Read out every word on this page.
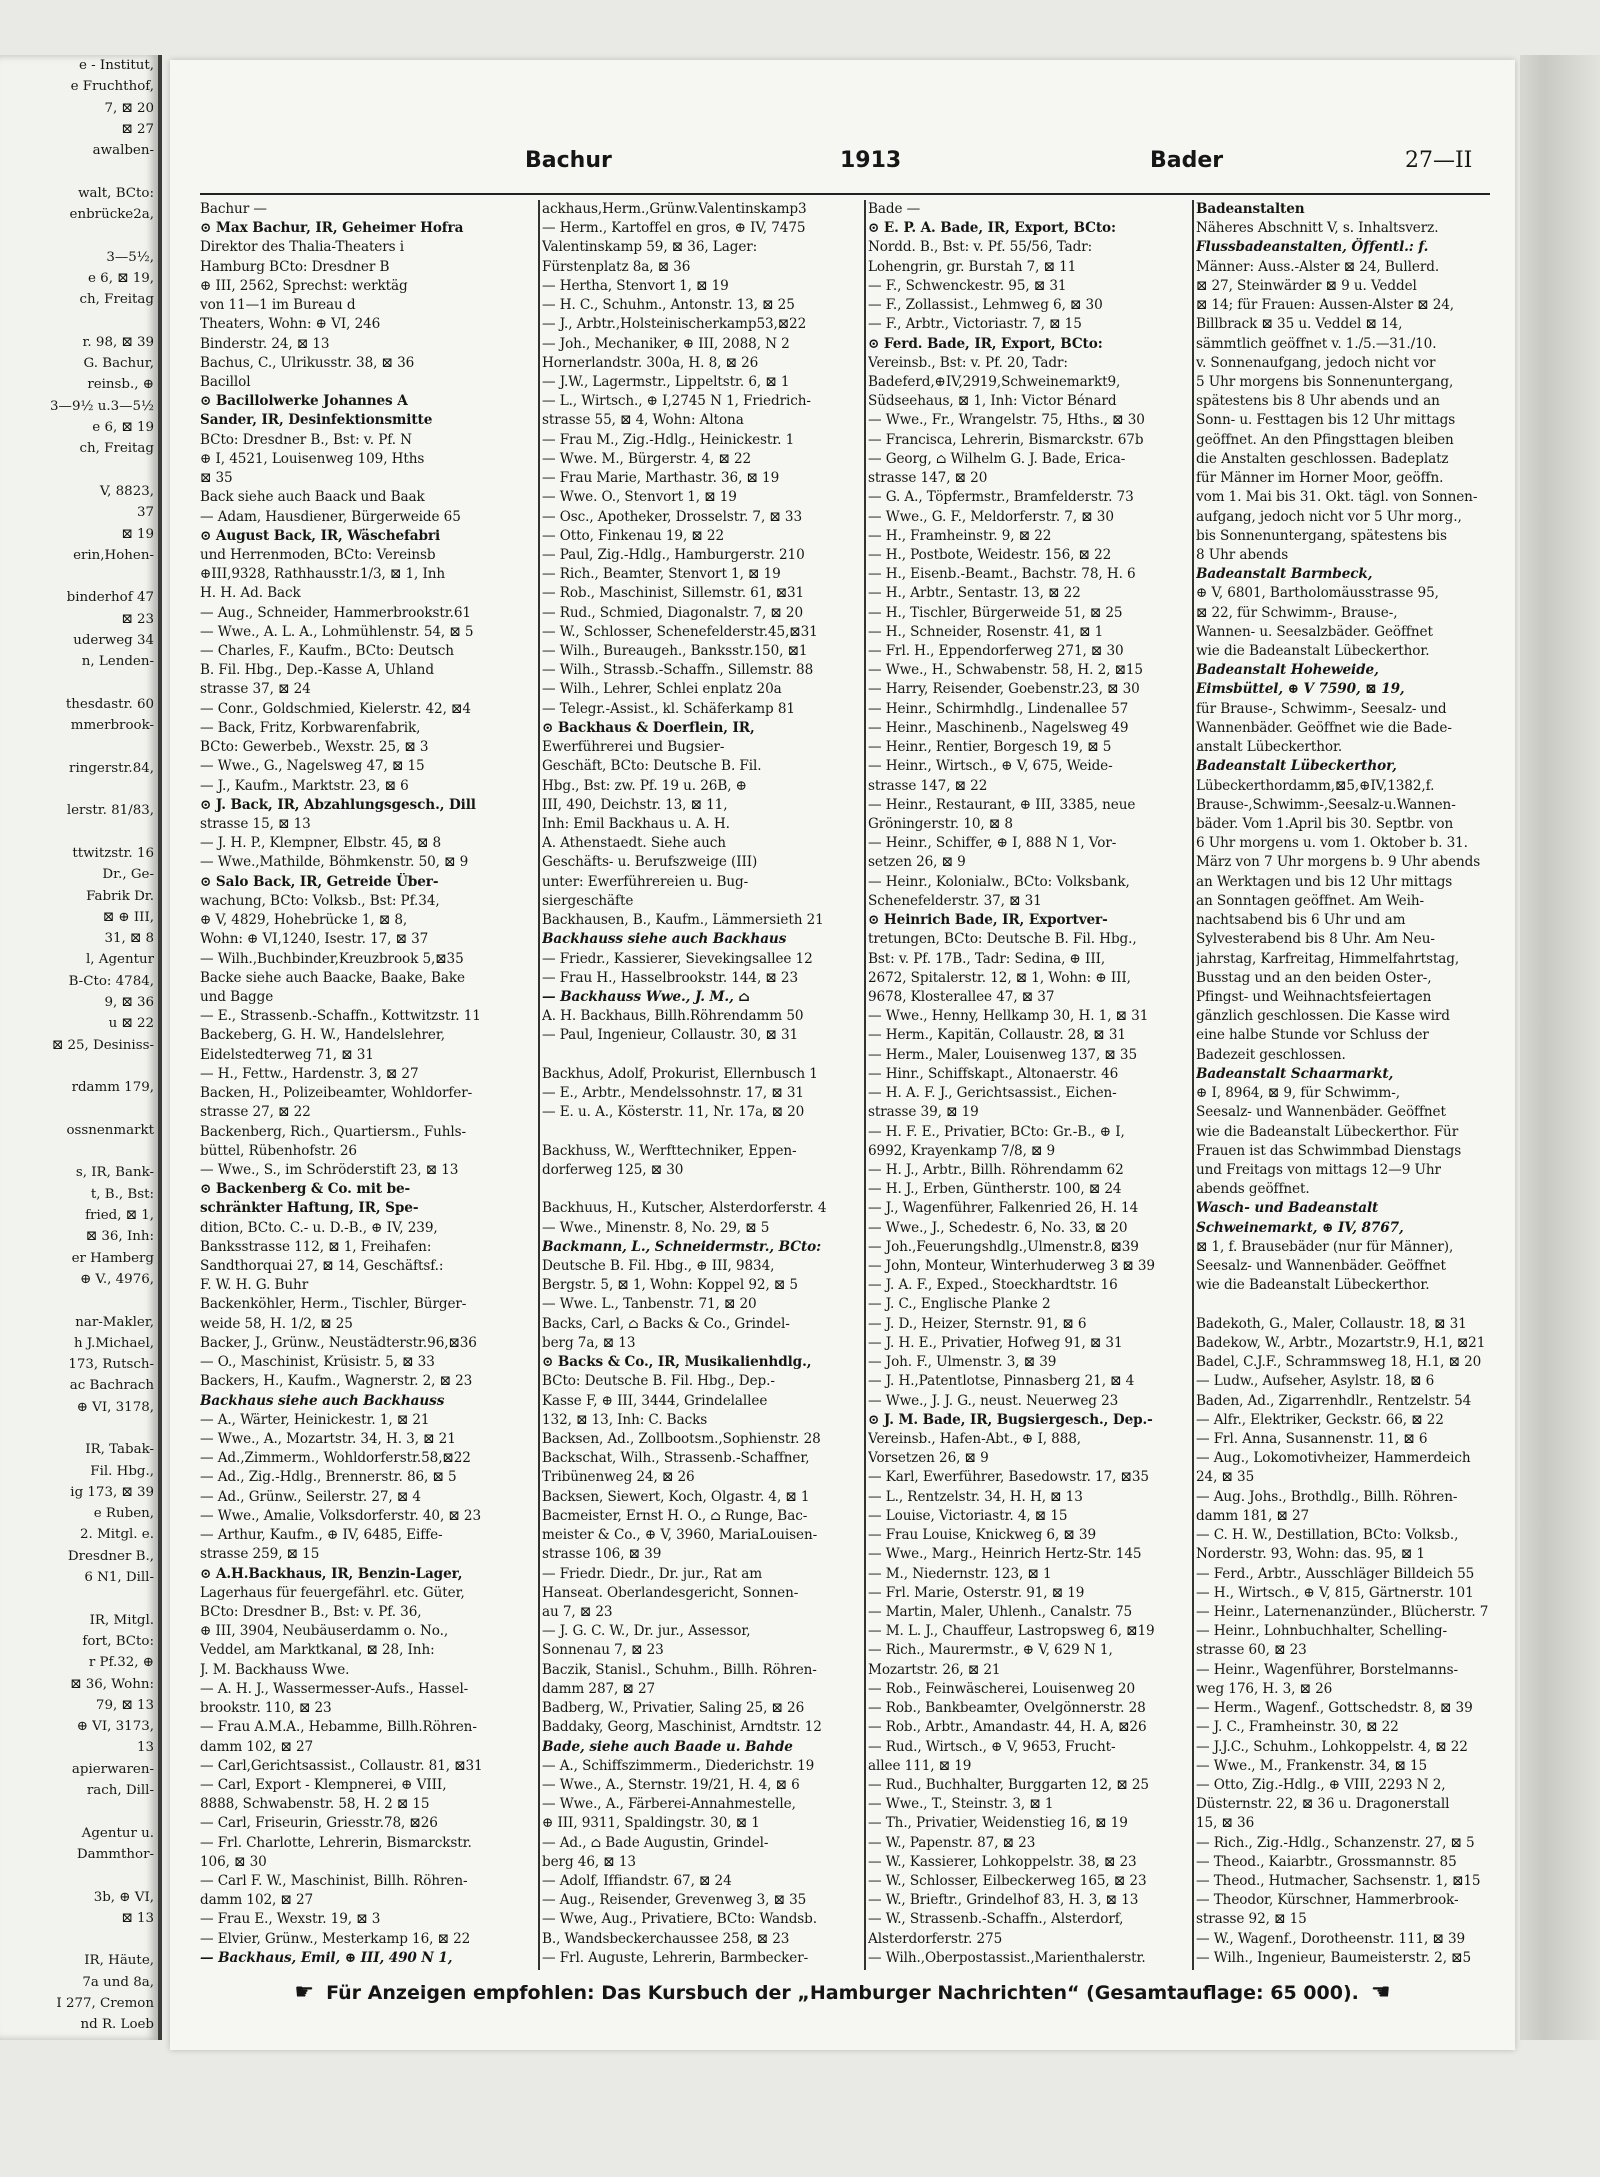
e - Institut,
e Fruchthof,
7, ⊠ 20
⊠ 27
awalben-

walt, BCto:
enbrücke2a,

3—5½,
e 6, ⊠ 19,
ch, Freitag

r. 98, ⊠ 39
G. Bachur,
reinsb., ⊕
3—9½ u.3—5½
e 6, ⊠ 19
ch, Freitag

V, 8823,
37
⊠ 19
erin,Hohen-

binderhof 47
⊠ 23
uderweg 34
n, Lenden-

thesdastr. 60
mmerbrook-

ringerstr.84,

lerstr. 81/83,

ttwitzstr. 16
Dr., Ge-
Fabrik Dr.
⊠ ⊕ III,
31, ⊠ 8
l, Agentur
B-Cto: 4784,
9, ⊠ 36
u ⊠ 22
⊠ 25, Desiniss-

rdamm 179,

ossnenmarkt

s, IR, Bank-
t, B., Bst:
fried, ⊠ 1,
⊠ 36, Inh:
er Hamberg
⊕ V., 4976,

nar-Makler,
h J.Michael,
173, Rutsch-
ac Bachrach
⊕ VI, 3178,

IR, Tabak-
Fil. Hbg.,
ig 173, ⊠ 39
e Ruben,
2. Mitgl. e.
Dresdner B.,
6 N1, Dill-

IR, Mitgl.
fort, BCto:
r Pf.32, ⊕
⊠ 36, Wohn:
79, ⊠ 13
⊕ VI, 3173,
13
apierwaren-
rach, Dill-

Agentur u.
Dammthor-

3b, ⊕ VI,
⊠ 13

IR, Häute,
7a und 8a,
I 277, Cremon
nd R. Loeb

Bachur	1913	Bader	27—II
Bachur —
⊙ Max Bachur, IR, Geheimer Hofra
Direktor des Thalia-Theaters i
Hamburg BCto: Dresdner B
⊕ III, 2562, Sprechst: werktäg
von 11—1 im Bureau d
Theaters, Wohn: ⊕ VI, 246
Binderstr. 24, ⊠ 13
Bachus, C., Ulrikusstr. 38, ⊠ 36
Bacillol
⊙ Bacillolwerke Johannes A
Sander, IR, Desinfektionsmitte
BCto: Dresdner B., Bst: v. Pf. N
⊕ I, 4521, Louisenweg 109, Hths
⊠ 35
Back siehe auch Baack und Baak
— Adam, Hausdiener, Bürgerweide 65
⊙ August Back, IR, Wäschefabri
und Herrenmoden, BCto: Vereinsb
⊕III,9328, Rathhausstr.1/3, ⊠ 1, Inh
H. H. Ad. Back
— Aug., Schneider, Hammerbrookstr.61
— Wwe., A. L. A., Lohmühlenstr. 54, ⊠ 5
— Charles, F., Kaufm., BCto: Deutsch
B. Fil. Hbg., Dep.-Kasse A, Uhland
strasse 37, ⊠ 24
— Conr., Goldschmied, Kielerstr. 42, ⊠4
— Back, Fritz, Korbwarenfabrik,
BCto: Gewerbeb., Wexstr. 25, ⊠ 3
— Wwe., G., Nagelsweg 47, ⊠ 15
— J., Kaufm., Marktstr. 23, ⊠ 6
⊙ J. Back, IR, Abzahlungsgesch., Dill
strasse 15, ⊠ 13
— J. H. P., Klempner, Elbstr. 45, ⊠ 8
— Wwe.,Mathilde, Böhmkenstr. 50, ⊠ 9
⊙ Salo Back, IR, Getreide Über-
wachung, BCto: Volksb., Bst: Pf.34,
⊕ V, 4829, Hohebrücke 1, ⊠ 8,
Wohn: ⊕ VI,1240, Isestr. 17, ⊠ 37
— Wilh.,Buchbinder,Kreuzbrook 5,⊠35
Backe siehe auch Baacke, Baake, Bake
und Bagge
— E., Strassenb.-Schaffn., Kottwitzstr. 11
Backeberg, G. H. W., Handelslehrer,
Eidelstedterweg 71, ⊠ 31
— H., Fettw., Hardenstr. 3, ⊠ 27
Backen, H., Polizeibeamter, Wohldorfer-
strasse 27, ⊠ 22
Backenberg, Rich., Quartiersm., Fuhls-
büttel, Rübenhofstr. 26
— Wwe., S., im Schröderstift 23, ⊠ 13
⊙ Backenberg & Co. mit be-
schränkter Haftung, IR, Spe-
dition, BCto. C.- u. D.-B., ⊕ IV, 239,
Banksstrasse 112, ⊠ 1, Freihafen:
Sandthorquai 27, ⊠ 14, Geschäftsf.:
F. W. H. G. Buhr
Backenköhler, Herm., Tischler, Bürger-
weide 58, H. 1/2, ⊠ 25
Backer, J., Grünw., Neustädterstr.96,⊠36
— O., Maschinist, Krüsistr. 5, ⊠ 33
Backers, H., Kaufm., Wagnerstr. 2, ⊠ 23
Backhaus siehe auch Backhauss
— A., Wärter, Heinickestr. 1, ⊠ 21
— Wwe., A., Mozartstr. 34, H. 3, ⊠ 21
— Ad.,Zimmerm., Wohldorferstr.58,⊠22
— Ad., Zig.-Hdlg., Brennerstr. 86, ⊠ 5
— Ad., Grünw., Seilerstr. 27, ⊠ 4
— Wwe., Amalie, Volksdorferstr. 40, ⊠ 23
— Arthur, Kaufm., ⊕ IV, 6485, Eiffe-
strasse 259, ⊠ 15
⊙ A.H.Backhaus, IR, Benzin-Lager,
Lagerhaus für feuergefährl. etc. Güter,
BCto: Dresdner B., Bst: v. Pf. 36,
⊕ III, 3904, Neubäuserdamm o. No.,
Veddel, am Marktkanal, ⊠ 28, Inh:
J. M. Backhauss Wwe.
— A. H. J., Wassermesser-Aufs., Hassel-
brookstr. 110, ⊠ 23
— Frau A.M.A., Hebamme, Billh.Röhren-
damm 102, ⊠ 27
— Carl,Gerichtsassist., Collaustr. 81, ⊠31
— Carl, Export - Klempnerei, ⊕ VIII,
8888, Schwabenstr. 58, H. 2 ⊠ 15
— Carl, Friseurin, Griesstr.78, ⊠26
— Frl. Charlotte, Lehrerin, Bismarckstr.
106, ⊠ 30
— Carl F. W., Maschinist, Billh. Röhren-
damm 102, ⊠ 27
— Frau E., Wexstr. 19, ⊠ 3
— Elvier, Grünw., Mesterkamp 16, ⊠ 22
— Backhaus, Emil, ⊕ III, 490 N 1,
ackhaus,Herm.,Grünw.Valentinskamp3
— Herm., Kartoffel en gros, ⊕ IV, 7475
Valentinskamp 59, ⊠ 36, Lager:
Fürstenplatz 8a, ⊠ 36
— Hertha, Stenvort 1, ⊠ 19
— H. C., Schuhm., Antonstr. 13, ⊠ 25
— J., Arbtr.,Holsteinischerkamp53,⊠22
— Joh., Mechaniker, ⊕ III, 2088, N 2
Hornerlandstr. 300a, H. 8, ⊠ 26
— J.W., Lagermstr., Lippeltstr. 6, ⊠ 1
— L., Wirtsch., ⊕ I,2745 N 1, Friedrich-
strasse 55, ⊠ 4, Wohn: Altona
— Frau M., Zig.-Hdlg., Heinickestr. 1
— Wwe. M., Bürgerstr. 4, ⊠ 22
— Frau Marie, Marthastr. 36, ⊠ 19
— Wwe. O., Stenvort 1, ⊠ 19
— Osc., Apotheker, Drosselstr. 7, ⊠ 33
— Otto, Finkenau 19, ⊠ 22
— Paul, Zig.-Hdlg., Hamburgerstr. 210
— Rich., Beamter, Stenvort 1, ⊠ 19
— Rob., Maschinist, Sillemstr. 61, ⊠31
— Rud., Schmied, Diagonalstr. 7, ⊠ 20
— W., Schlosser, Schenefelderstr.45,⊠31
— Wilh., Bureaugeh., Banksstr.150, ⊠1
— Wilh., Strassb.-Schaffn., Sillemstr. 88
— Wilh., Lehrer, Schlei enplatz 20a
— Telegr.-Assist., kl. Schäferkamp 81
⊙ Backhaus & Doerflein, IR,
Ewerführerei und Bugsier-
Geschäft, BCto: Deutsche B. Fil.
Hbg., Bst: zw. Pf. 19 u. 26B, ⊕
III, 490, Deichstr. 13, ⊠ 11,
Inh: Emil Backhaus u. A. H.
A. Athenstaedt. Siehe auch
Geschäfts- u. Berufszweige (III)
unter: Ewerführereien u. Bug-
siergeschäfte
Backhausen, B., Kaufm., Lämmersieth 21
Backhauss siehe auch Backhaus
— Friedr., Kassierer, Sievekingsallee 12
— Frau H., Hasselbrookstr. 144, ⊠ 23
— Backhauss Wwe., J. M., ⌂
A. H. Backhaus, Billh.Röhrendamm 50
— Paul, Ingenieur, Collaustr. 30, ⊠ 31

Backhus, Adolf, Prokurist, Ellernbusch 1
— E., Arbtr., Mendelssohnstr. 17, ⊠ 31
— E. u. A., Kösterstr. 11, Nr. 17a, ⊠ 20

Backhuss, W., Werfttechniker, Eppen-
dorferweg 125, ⊠ 30

Backhuus, H., Kutscher, Alsterdorferstr. 4
— Wwe., Minenstr. 8, No. 29, ⊠ 5
Backmann, L., Schneidermstr., BCto:
Deutsche B. Fil. Hbg., ⊕ III, 9834,
Bergstr. 5, ⊠ 1, Wohn: Koppel 92, ⊠ 5
— Wwe. L., Tanbenstr. 71, ⊠ 20
Backs, Carl, ⌂ Backs & Co., Grindel-
berg 7a, ⊠ 13
⊙ Backs & Co., IR, Musikalienhdlg.,
BCto: Deutsche B. Fil. Hbg., Dep.-
Kasse F, ⊕ III, 3444, Grindelallee
132, ⊠ 13, Inh: C. Backs
Backsen, Ad., Zollbootsm.,Sophienstr. 28
Backschat, Wilh., Strassenb.-Schaffner,
Tribünenweg 24, ⊠ 26
Backsen, Siewert, Koch, Olgastr. 4, ⊠ 1
Bacmeister, Ernst H. O., ⌂ Runge, Bac-
meister & Co., ⊕ V, 3960, MariaLouisen-
strasse 106, ⊠ 39
— Friedr. Diedr., Dr. jur., Rat am
Hanseat. Oberlandesgericht, Sonnen-
au 7, ⊠ 23
— J. G. C. W., Dr. jur., Assessor,
Sonnenau 7, ⊠ 23
Baczik, Stanisl., Schuhm., Billh. Röhren-
damm 287, ⊠ 27
Badberg, W., Privatier, Saling 25, ⊠ 26
Baddaky, Georg, Maschinist, Arndtstr. 12
Bade, siehe auch Baade u. Bahde
— A., Schiffszimmerm., Diederichstr. 19
— Wwe., A., Sternstr. 19/21, H. 4, ⊠ 6
— Wwe., A., Färberei-Annahmestelle,
⊕ III, 9311, Spaldingstr. 30, ⊠ 1
— Ad., ⌂ Bade Augustin, Grindel-
berg 46, ⊠ 13
— Adolf, Iffiandstr. 67, ⊠ 24
— Aug., Reisender, Grevenweg 3, ⊠ 35
— Wwe, Aug., Privatiere, BCto: Wandsb.
B., Wandsbeckerchaussee 258, ⊠ 23
— Frl. Auguste, Lehrerin, Barmbecker-
Bade —
⊙ E. P. A. Bade, IR, Export, BCto:
Nordd. B., Bst: v. Pf. 55/56, Tadr:
Lohengrin, gr. Burstah 7, ⊠ 11
— F., Schwenckestr. 95, ⊠ 31
— F., Zollassist., Lehmweg 6, ⊠ 30
— F., Arbtr., Victoriastr. 7, ⊠ 15
⊙ Ferd. Bade, IR, Export, BCto:
Vereinsb., Bst: v. Pf. 20, Tadr:
Badeferd,⊕IV,2919,Schweinemarkt9,
Südseehaus, ⊠ 1, Inh: Victor Bénard
— Wwe., Fr., Wrangelstr. 75, Hths., ⊠ 30
— Francisca, Lehrerin, Bismarckstr. 67b
— Georg, ⌂ Wilhelm G. J. Bade, Erica-
strasse 147, ⊠ 20
— G. A., Töpfermstr., Bramfelderstr. 73
— Wwe., G. F., Meldorferstr. 7, ⊠ 30
— H., Framheinstr. 9, ⊠ 22
— H., Postbote, Weidestr. 156, ⊠ 22
— H., Eisenb.-Beamt., Bachstr. 78, H. 6
— H., Arbtr., Sentastr. 13, ⊠ 22
— H., Tischler, Bürgerweide 51, ⊠ 25
— H., Schneider, Rosenstr. 41, ⊠ 1
— Frl. H., Eppendorferweg 271, ⊠ 30
— Wwe., H., Schwabenstr. 58, H. 2, ⊠15
— Harry, Reisender, Goebenstr.23, ⊠ 30
— Heinr., Schirmhdlg., Lindenallee 57
— Heinr., Maschinenb., Nagelsweg 49
— Heinr., Rentier, Borgesch 19, ⊠ 5
— Heinr., Wirtsch., ⊕ V, 675, Weide-
strasse 147, ⊠ 22
— Heinr., Restaurant, ⊕ III, 3385, neue
Gröningerstr. 10, ⊠ 8
— Heinr., Schiffer, ⊕ I, 888 N 1, Vor-
setzen 26, ⊠ 9
— Heinr., Kolonialw., BCto: Volksbank,
Schenefelderstr. 37, ⊠ 31
⊙ Heinrich Bade, IR, Exportver-
tretungen, BCto: Deutsche B. Fil. Hbg.,
Bst: v. Pf. 17B., Tadr: Sedina, ⊕ III,
2672, Spitalerstr. 12, ⊠ 1, Wohn: ⊕ III,
9678, Klosterallee 47, ⊠ 37
— Wwe., Henny, Hellkamp 30, H. 1, ⊠ 31
— Herm., Kapitän, Collaustr. 28, ⊠ 31
— Herm., Maler, Louisenweg 137, ⊠ 35
— Hinr., Schiffskapt., Altonaerstr. 46
— H. A. F. J., Gerichtsassist., Eichen-
strasse 39, ⊠ 19
— H. F. E., Privatier, BCto: Gr.-B., ⊕ I,
6992, Krayenkamp 7/8, ⊠ 9
— H. J., Arbtr., Billh. Röhrendamm 62
— H. J., Erben, Güntherstr. 100, ⊠ 24
— J., Wagenführer, Falkenried 26, H. 14
— Wwe., J., Schedestr. 6, No. 33, ⊠ 20
— Joh.,Feuerungshdlg.,Ulmenstr.8, ⊠39
— John, Monteur, Winterhuderweg 3 ⊠ 39
— J. A. F., Exped., Stoeckhardtstr. 16
— J. C., Englische Planke 2
— J. D., Heizer, Sternstr. 91, ⊠ 6
— J. H. E., Privatier, Hofweg 91, ⊠ 31
— Joh. F., Ulmenstr. 3, ⊠ 39
— J. H.,Patentlotse, Pinnasberg 21, ⊠ 4
— Wwe., J. J. G., neust. Neuerweg 23
⊙ J. M. Bade, IR, Bugsiergesch., Dep.-
Vereinsb., Hafen-Abt., ⊕ I, 888,
Vorsetzen 26, ⊠ 9
— Karl, Ewerführer, Basedowstr. 17, ⊠35
— L., Rentzelstr. 34, H. H, ⊠ 13
— Louise, Victoriastr. 4, ⊠ 15
— Frau Louise, Knickweg 6, ⊠ 39
— Wwe., Marg., Heinrich Hertz-Str. 145
— M., Niedernstr. 123, ⊠ 1
— Frl. Marie, Osterstr. 91, ⊠ 19
— Martin, Maler, Uhlenh., Canalstr. 75
— M. L. J., Chauffeur, Lastropsweg 6, ⊠19
— Rich., Maurermstr., ⊕ V, 629 N 1,
Mozartstr. 26, ⊠ 21
— Rob., Feinwäscherei, Louisenweg 20
— Rob., Bankbeamter, Ovelgönnerstr. 28
— Rob., Arbtr., Amandastr. 44, H. A, ⊠26
— Rud., Wirtsch., ⊕ V, 9653, Frucht-
allee 111, ⊠ 19
— Rud., Buchhalter, Burggarten 12, ⊠ 25
— Wwe., T., Steinstr. 3, ⊠ 1
— Th., Privatier, Weidenstieg 16, ⊠ 19
— W., Papenstr. 87, ⊠ 23
— W., Kassierer, Lohkoppelstr. 38, ⊠ 23
— W., Schlosser, Eilbeckerweg 165, ⊠ 23
— W., Brieftr., Grindelhof 83, H. 3, ⊠ 13
— W., Strassenb.-Schaffn., Alsterdorf,
Alsterdorferstr. 275
— Wilh.,Oberpostassist.,Marienthalerstr.
Badeanstalten
Näheres Abschnitt V, s. Inhaltsverz.
Flussbadeanstalten, Öffentl.: f.
Männer: Auss.-Alster ⊠ 24, Bullerd.
⊠ 27, Steinwärder ⊠ 9 u. Veddel
⊠ 14; für Frauen: Aussen-Alster ⊠ 24,
Billbrack ⊠ 35 u. Veddel ⊠ 14,
sämmtlich geöffnet v. 1./5.—31./10.
v. Sonnenaufgang, jedoch nicht vor
5 Uhr morgens bis Sonnenuntergang,
spätestens bis 8 Uhr abends und an
Sonn- u. Festtagen bis 12 Uhr mittags
geöffnet. An den Pfingsttagen bleiben
die Anstalten geschlossen. Badeplatz
für Männer im Horner Moor, geöffn.
vom 1. Mai bis 31. Okt. tägl. von Sonnen-
aufgang, jedoch nicht vor 5 Uhr morg.,
bis Sonnenuntergang, spätestens bis
8 Uhr abends
Badeanstalt Barmbeck,
⊕ V, 6801, Bartholomäusstrasse 95,
⊠ 22, für Schwimm-, Brause-,
Wannen- u. Seesalzbäder. Geöffnet
wie die Badeanstalt Lübeckerthor.
Badeanstalt Hoheweide,
Eimsbüttel, ⊕ V 7590, ⊠ 19,
für Brause-, Schwimm-, Seesalz- und
Wannenbäder. Geöffnet wie die Bade-
anstalt Lübeckerthor.
Badeanstalt Lübeckerthor,
Lübeckerthordamm,⊠5,⊕IV,1382,f.
Brause-,Schwimm-,Seesalz-u.Wannen-
bäder. Vom 1.April bis 30. Septbr. von
6 Uhr morgens u. vom 1. Oktober b. 31.
März von 7 Uhr morgens b. 9 Uhr abends
an Werktagen und bis 12 Uhr mittags
an Sonntagen geöffnet. Am Weih-
nachtsabend bis 6 Uhr und am
Sylvesterabend bis 8 Uhr. Am Neu-
jahrstag, Karfreitag, Himmelfahrtstag,
Busstag und an den beiden Oster-,
Pfingst- und Weihnachtsfeiertagen
gänzlich geschlossen. Die Kasse wird
eine halbe Stunde vor Schluss der
Badezeit geschlossen.
Badeanstalt Schaarmarkt,
⊕ I, 8964, ⊠ 9, für Schwimm-,
Seesalz- und Wannenbäder. Geöffnet
wie die Badeanstalt Lübeckerthor. Für
Frauen ist das Schwimmbad Dienstags
und Freitags von mittags 12—9 Uhr
abends geöffnet.
Wasch- und Badeanstalt
Schweinemarkt, ⊕ IV, 8767,
⊠ 1, f. Brausebäder (nur für Männer),
Seesalz- und Wannenbäder. Geöffnet
wie die Badeanstalt Lübeckerthor.

Badekoth, G., Maler, Collaustr. 18, ⊠ 31
Badekow, W., Arbtr., Mozartstr.9, H.1, ⊠21
Badel, C.J.F., Schrammsweg 18, H.1, ⊠ 20
— Ludw., Aufseher, Asylstr. 18, ⊠ 6
Baden, Ad., Zigarrenhdlr., Rentzelstr. 54
— Alfr., Elektriker, Geckstr. 66, ⊠ 22
— Frl. Anna, Susannenstr. 11, ⊠ 6
— Aug., Lokomotivheizer, Hammerdeich
24, ⊠ 35
— Aug. Johs., Brothdlg., Billh. Röhren-
damm 181, ⊠ 27
— C. H. W., Destillation, BCto: Volksb.,
Norderstr. 93, Wohn: das. 95, ⊠ 1
— Ferd., Arbtr., Ausschläger Billdeich 55
— H., Wirtsch., ⊕ V, 815, Gärtnerstr. 101
— Heinr., Laternenanzünder., Blücherstr. 7
— Heinr., Lohnbuchhalter, Schelling-
strasse 60, ⊠ 23
— Heinr., Wagenführer, Borstelmanns-
weg 176, H. 3, ⊠ 26
— Herm., Wagenf., Gottschedstr. 8, ⊠ 39
— J. C., Framheinstr. 30, ⊠ 22
— J.J.C., Schuhm., Lohkoppelstr. 4, ⊠ 22
— Wwe., M., Frankenstr. 34, ⊠ 15
— Otto, Zig.-Hdlg., ⊕ VIII, 2293 N 2,
Düsternstr. 22, ⊠ 36 u. Dragonerstall
15, ⊠ 36
— Rich., Zig.-Hdlg., Schanzenstr. 27, ⊠ 5
— Theod., Kaiarbtr., Grossmannstr. 85
— Theod., Hutmacher, Sachsenstr. 1, ⊠15
— Theodor, Kürschner, Hammerbrook-
strasse 92, ⊠ 15
— W., Wagenf., Dorotheenstr. 111, ⊠ 39
— Wilh., Ingenieur, Baumeisterstr. 2, ⊠5
☛ Für Anzeigen empfohlen: Das Kursbuch der „Hamburger Nachrichten“ (Gesamtauflage: 65 000). ☚
